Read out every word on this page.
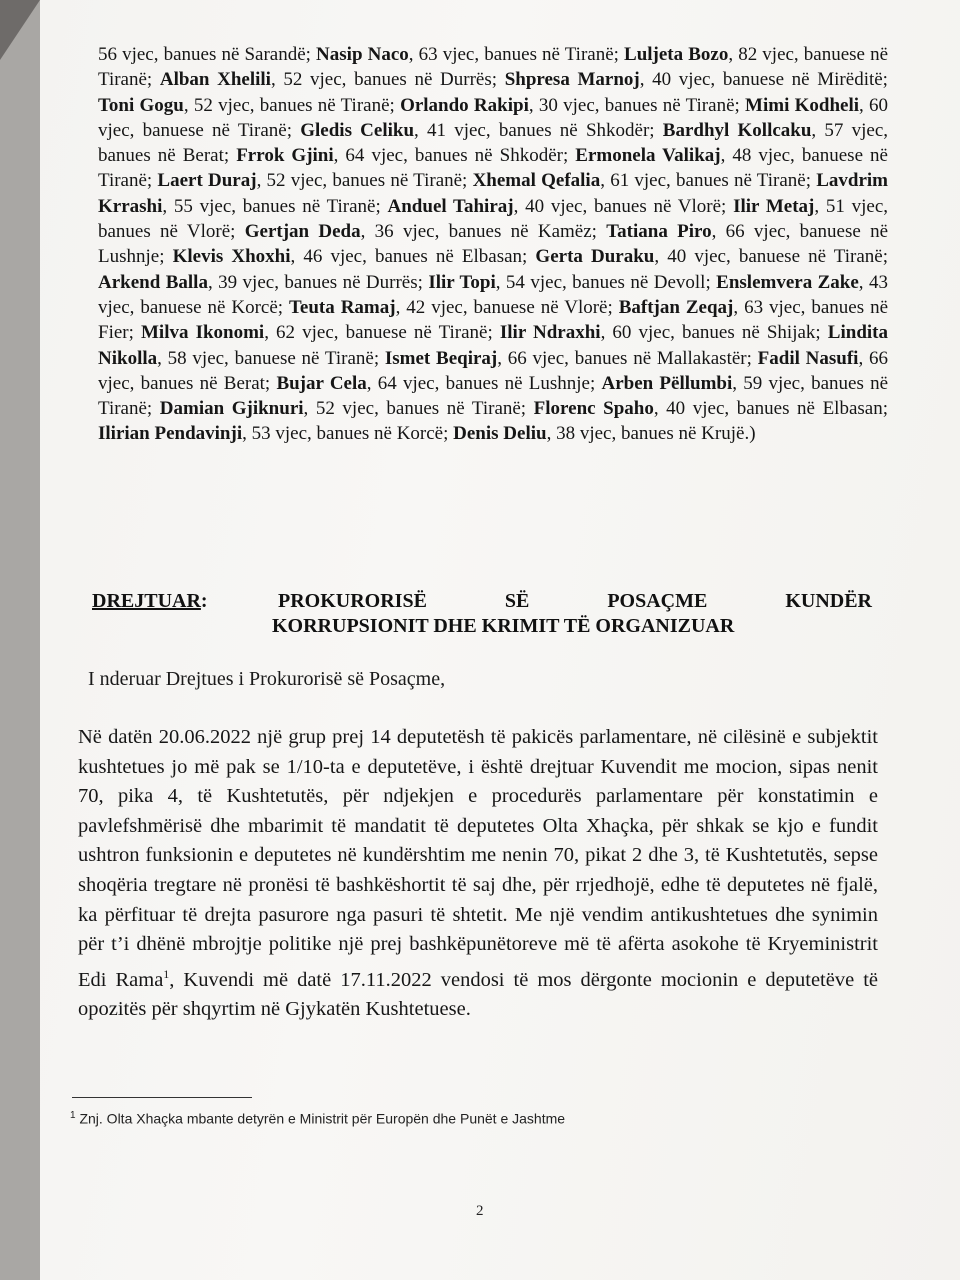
56 vjec, banues në Sarandë; Nasip Naco, 63 vjec, banues në Tiranë; Luljeta Bozo, 82 vjec, banuese në Tiranë; Alban Xhelili, 52 vjec, banues në Durrës; Shpresa Marnoj, 40 vjec, banuese në Mirëditë; Toni Gogu, 52 vjec, banues në Tiranë; Orlando Rakipi, 30 vjec, banues në Tiranë; Mimi Kodheli, 60 vjec, banuese në Tiranë; Gledis Celiku, 41 vjec, banues në Shkodër; Bardhyl Kollcaku, 57 vjec, banues në Berat; Frrok Gjini, 64 vjec, banues në Shkodër; Ermonela Valikaj, 48 vjec, banuese në Tiranë; Laert Duraj, 52 vjec, banues në Tiranë; Xhemal Qefalia, 61 vjec, banues në Tiranë; Lavdrim Krrashi, 55 vjec, banues në Tiranë; Anduel Tahiraj, 40 vjec, banues në Vlorë; Ilir Metaj, 51 vjec, banues në Vlorë; Gertjan Deda, 36 vjec, banues në Kamëz; Tatiana Piro, 66 vjec, banuese në Lushnje; Klevis Xhoxhi, 46 vjec, banues në Elbasan; Gerta Duraku, 40 vjec, banuese në Tiranë; Arkend Balla, 39 vjec, banues në Durrës; Ilir Topi, 54 vjec, banues në Devoll; Enslemvera Zake, 43 vjec, banuese në Korcë; Teuta Ramaj, 42 vjec, banuese në Vlorë; Baftjan Zeqaj, 63 vjec, banues në Fier; Milva Ikonomi, 62 vjec, banuese në Tiranë; Ilir Ndraxhi, 60 vjec, banues në Shijak; Lindita Nikolla, 58 vjec, banuese në Tiranë; Ismet Beqiraj, 66 vjec, banues në Mallakastër; Fadil Nasufi, 66 vjec, banues në Berat; Bujar Cela, 64 vjec, banues në Lushnje; Arben Pëllumbi, 59 vjec, banues në Tiranë; Damian Gjiknuri, 52 vjec, banues në Tiranë; Florenc Spaho, 40 vjec, banues në Elbasan; Ilirian Pendavinji, 53 vjec, banues në Korcë; Denis Deliu, 38 vjec, banues në Krujë.)
DREJTUAR:	PROKURORISË	SË	POSAÇME	KUNDËR
KORRUPSIONIT DHE KRIMIT TË ORGANIZUAR
I nderuar Drejtues i Prokurorisë së Posaçme,
Në datën 20.06.2022 një grup prej 14 deputetësh të pakicës parlamentare, në cilësinë e subjektit kushtetues jo më pak se 1/10-ta e deputetëve, i është drejtuar Kuvendit me mocion, sipas nenit 70, pika 4, të Kushtetutës, për ndjekjen e procedurës parlamentare për konstatimin e pavlefshmërisë dhe mbarimit të mandatit të deputetes Olta Xhaçka, për shkak se kjo e fundit ushtron funksionin e deputetes në kundërshtim me nenin 70, pikat 2 dhe 3, të Kushtetutës, sepse shoqëria tregtare në pronësi të bashkëshortit të saj dhe, për rrjedhojë, edhe të deputetes në fjalë, ka përfituar të drejta pasurore nga pasuri të shtetit. Me një vendim antikushtetues dhe synimin për t’i dhënë mbrojtje politike një prej bashkëpunëtoreve më të afërta asokohe të Kryeministrit Edi Rama$^1$, Kuvendi më datë 17.11.2022 vendosi të mos dërgonte mocionin e deputetëve të opozitës për shqyrtim në Gjykatën Kushtetuese.
$^1$ Znj. Olta Xhaçka mbante detyrën e Ministrit për Europën dhe Punët e Jashtme
2
